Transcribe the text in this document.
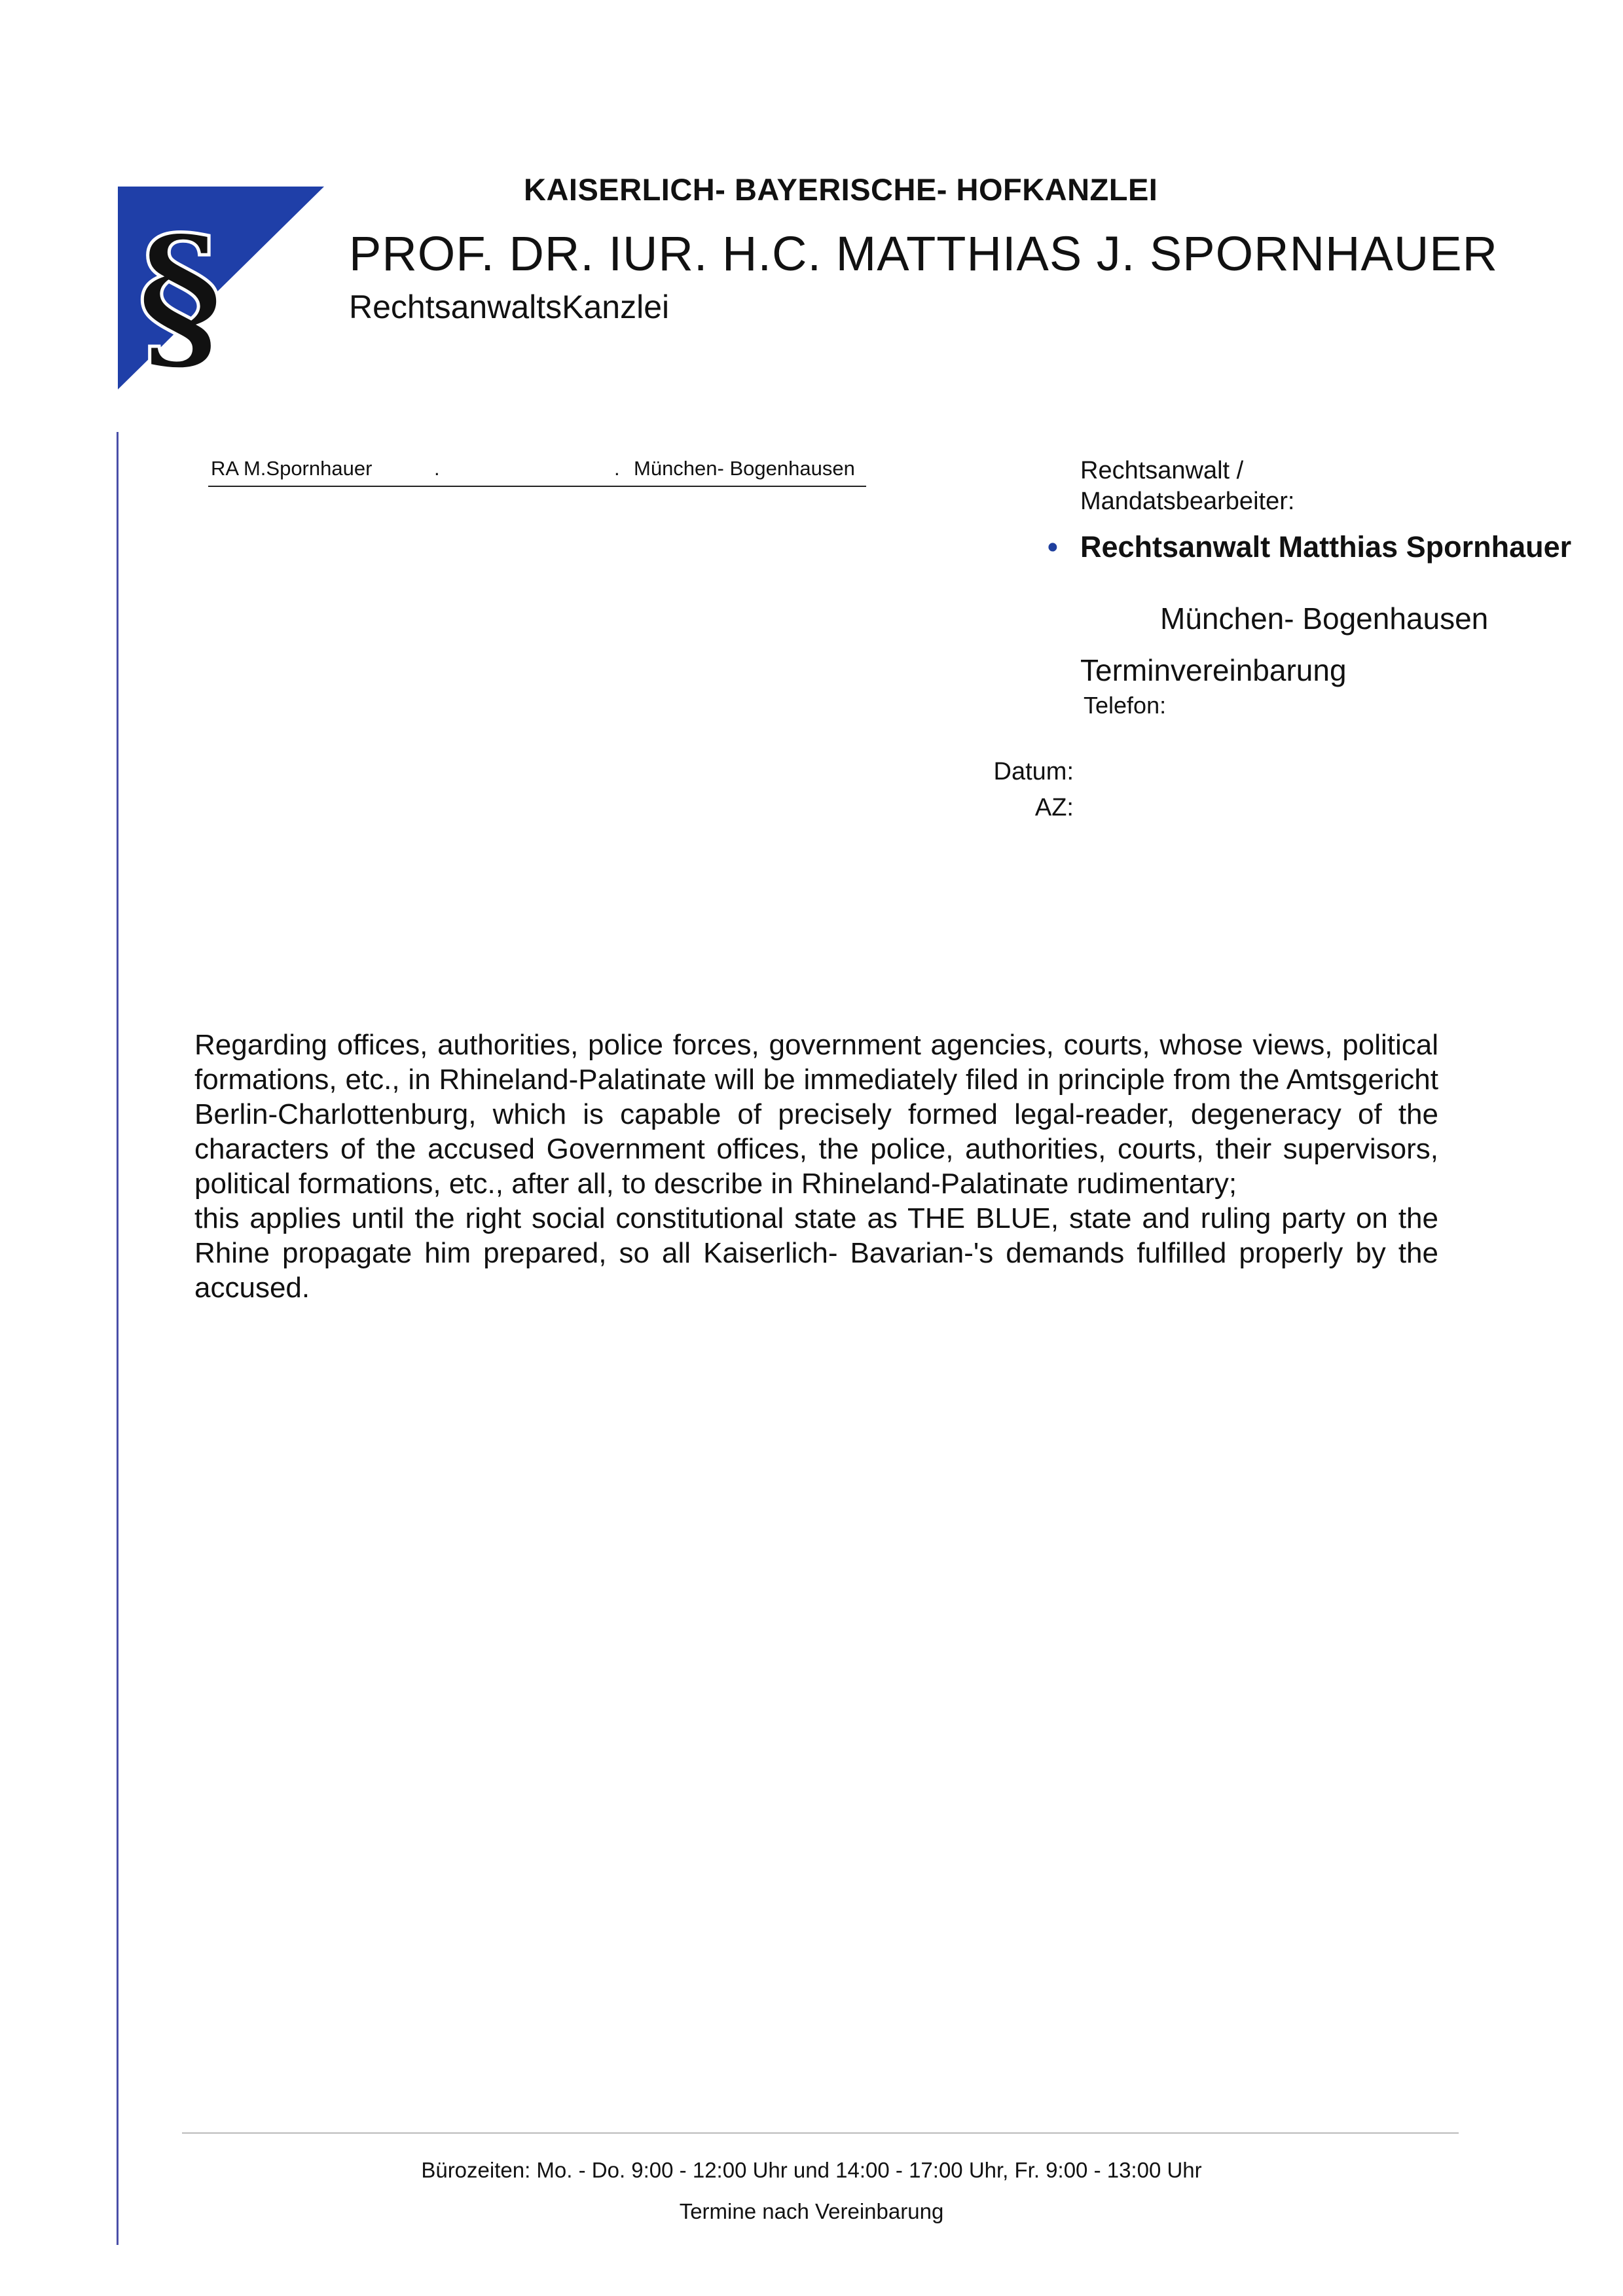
§
KAISERLICH- BAYERISCHE- HOFKANZLEI
PROF. DR. IUR. H.C. MATTHIAS J. SPORNHAUER
RechtsanwaltsKanzlei
RA M.Spornhauer	.	. München- Bogenhausen	Rechtsanwalt /
Mandatsbearbeiter:
• Rechtsanwalt Matthias Spornhauer
München- Bogenhausen
Terminvereinbarung
Telefon:
Datum:
AZ:

Regarding offices, authorities, police forces, government agencies, courts, whose views, political formations, etc., in Rhineland-Palatinate will be immediately filed in principle from the Amtsgericht Berlin-Charlottenburg, which is capable of precisely formed legal-reader, degeneracy of the characters of the accused Government offices, the police, authorities, courts, their supervisors, political formations, etc., after all, to describe in Rhineland-Palatinate rudimentary;

this applies until the right social constitutional state as THE BLUE, state and ruling party on the Rhine propagate him prepared, so all Kaiserlich- Bavarian-'s demands fulfilled properly by the accused.

Bürozeiten: Mo. - Do. 9:00 - 12:00 Uhr und 14:00 - 17:00 Uhr, Fr. 9:00 - 13:00 Uhr
Termine nach Vereinbarung
